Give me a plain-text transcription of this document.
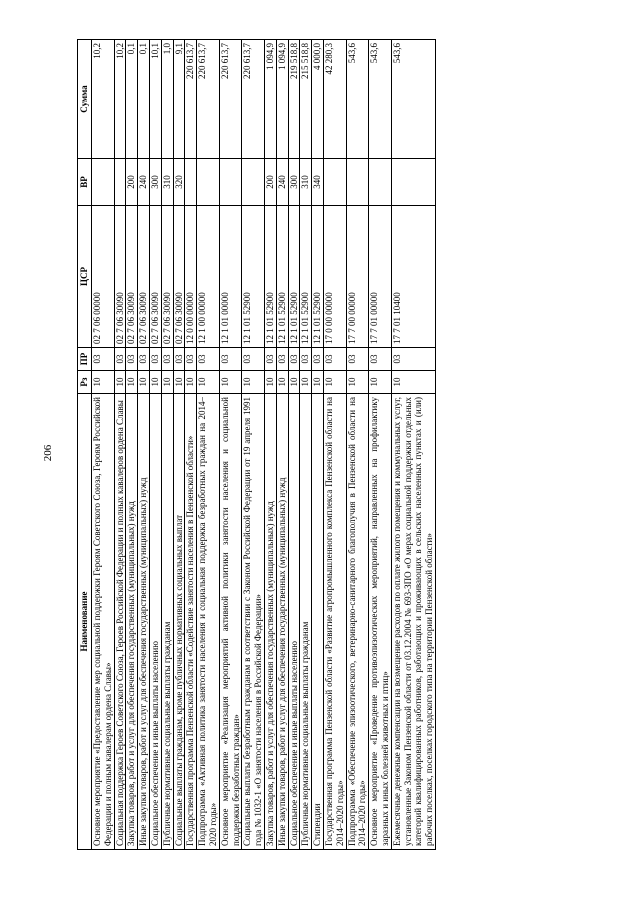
206
Наименование	Рз	ПР	ЦСР	ВР	Сумма
Основное мероприятие «Предоставление мер социальной поддержки Героям Советского Союза, Героям Российской Федерации и полным кавалерам ордена Славы»	10	03	02 7 06 00000		10,2
Социальная поддержка Героев Советского Союза, Героев Российской Федерации и полных кавалеров ордена Славы	10	03	02 7 06 30090		10,2
Закупка товаров, работ и услуг для обеспечения государственных (муниципальных) нужд	10	03	02 7 06 30090	200	0,1
Иные закупки товаров, работ и услуг для обеспечения государственных (муниципальных) нужд	10	03	02 7 06 30090	240	0,1
Социальное обеспечение и иные выплаты населению	10	03	02 7 06 30090	300	10,1
Публичные нормативные социальные выплаты гражданам	10	03	02 7 06 30090	310	1,0
Социальные выплаты гражданам, кроме публичных нормативных социальных выплат	10	03	02 7 06 30090	320	9,1
Государственная программа Пензенской области «Содействие занятости населения в Пензенской области»	10	03	12 0 00 00000		220 613,7
Подпрограмма «Активная политика занятости населения и социальная поддержка безработных граждан на 2014–2020 годы»	10	03	12 1 00 00000		220 613,7
Основное мероприятие «Реализация мероприятий активной политики занятости населения и социальной поддержки безработных граждан»	10	03	12 1 01 00000		220 613,7
Социальные выплаты безработным гражданам в соответствии с Законом Российской Федерации от 19 апреля 1991 года № 1032-1 «О занятости населения в Российской Федерации»	10	03	12 1 01 52900		220 613,7
Закупка товаров, работ и услуг для обеспечения государственных (муниципальных) нужд	10	03	12 1 01 52900	200	1 094,9
Иные закупки товаров, работ и услуг для обеспечения государственных (муниципальных) нужд	10	03	12 1 01 52900	240	1 094,9
Социальное обеспечение и иные выплаты населению	10	03	12 1 01 52900	300	219 518,8
Публичные нормативные социальные выплаты гражданам	10	03	12 1 01 52900	310	215 518,8
Стипендии	10	03	12 1 01 52900	340	4 000,0
Государственная программа Пензенской области «Развитие агропромышленного комплекса Пензенской области на 2014–2020 годы»	10	03	17 0 00 00000		42 280,3
Подпрограмма «Обеспечение эпизоотического, ветеринарно-санитарного благополучия в Пензенской области на 2014–2020 годы»	10	03	17 7 00 00000		543,6
Основное мероприятие «Проведение противоэпизоотических мероприятий, направленных на профилактику заразных и иных болезней животных и птиц»	10	03	17 7 01 00000		543,6
Ежемесячные денежные компенсации на возмещение расходов по оплате жилого помещения и коммунальных услуг, установленные Законом Пензенской области от 03.12.2004 № 693-ЗПО «О мерах социальной поддержки отдельных категорий квалифицированных работников, работающих и проживающих в сельских населенных пунктах и (или) рабочих поселках, поселках городского типа на территории Пензенской области»	10	03	17 7 01 10400		543,6
